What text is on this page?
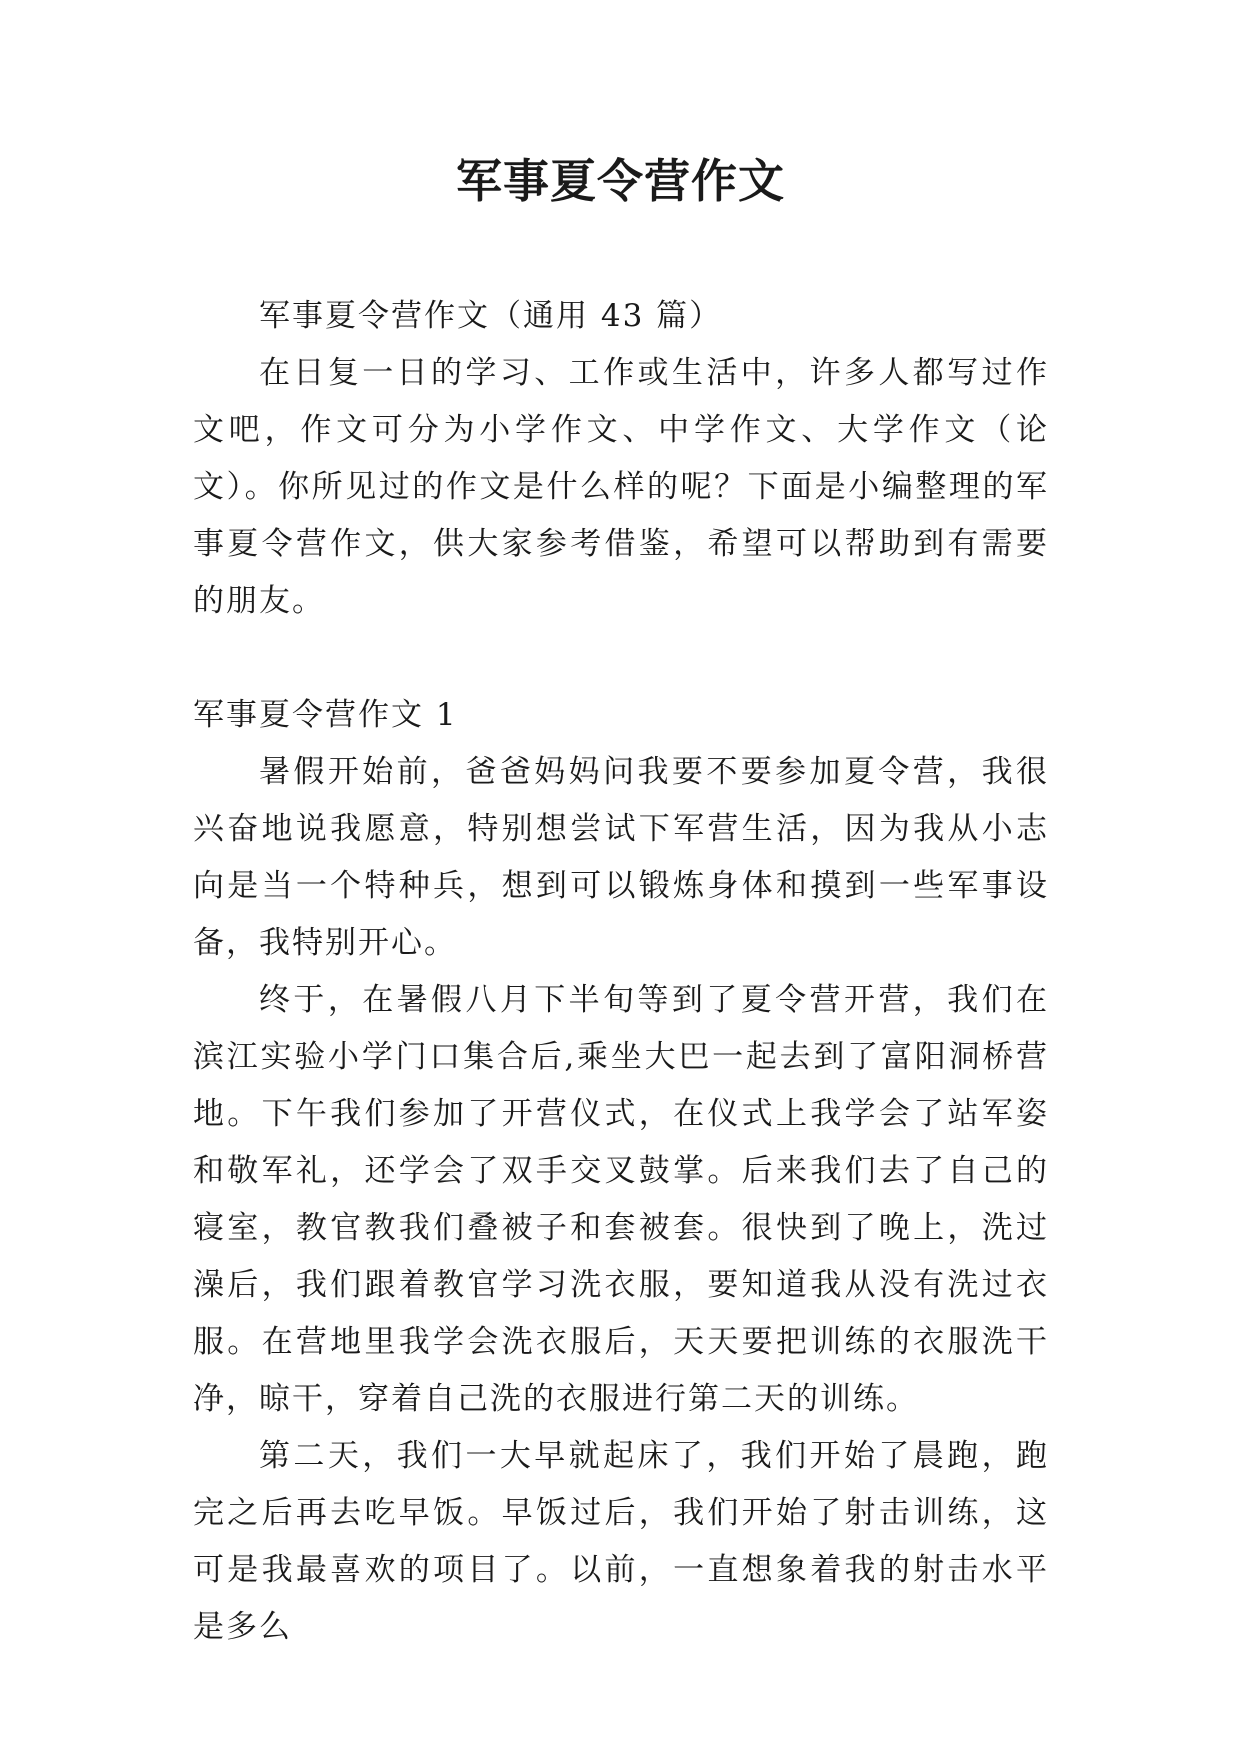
军事夏令营作文

军事夏令营作文（通用 43 篇）

在日复一日的学习、工作或生活中，许多人都写过作文吧，作文可分为小学作文、中学作文、大学作文（论文）。你所见过的作文是什么样的呢？下面是小编整理的军事夏令营作文，供大家参考借鉴，希望可以帮助到有需要的朋友。

军事夏令营作文 1

暑假开始前，爸爸妈妈问我要不要参加夏令营，我很兴奋地说我愿意，特别想尝试下军营生活，因为我从小志向是当一个特种兵，想到可以锻炼身体和摸到一些军事设备，我特别开心。

终于，在暑假八月下半旬等到了夏令营开营，我们在滨江实验小学门口集合后,乘坐大巴一起去到了富阳洞桥营地。下午我们参加了开营仪式，在仪式上我学会了站军姿和敬军礼，还学会了双手交叉鼓掌。后来我们去了自己的寝室，教官教我们叠被子和套被套。很快到了晚上，洗过澡后，我们跟着教官学习洗衣服，要知道我从没有洗过衣服。在营地里我学会洗衣服后，天天要把训练的衣服洗干净，晾干，穿着自己洗的衣服进行第二天的训练。

第二天，我们一大早就起床了，我们开始了晨跑，跑完之后再去吃早饭。早饭过后，我们开始了射击训练，这可是我最喜欢的项目了。以前，一直想象着我的射击水平是多么
